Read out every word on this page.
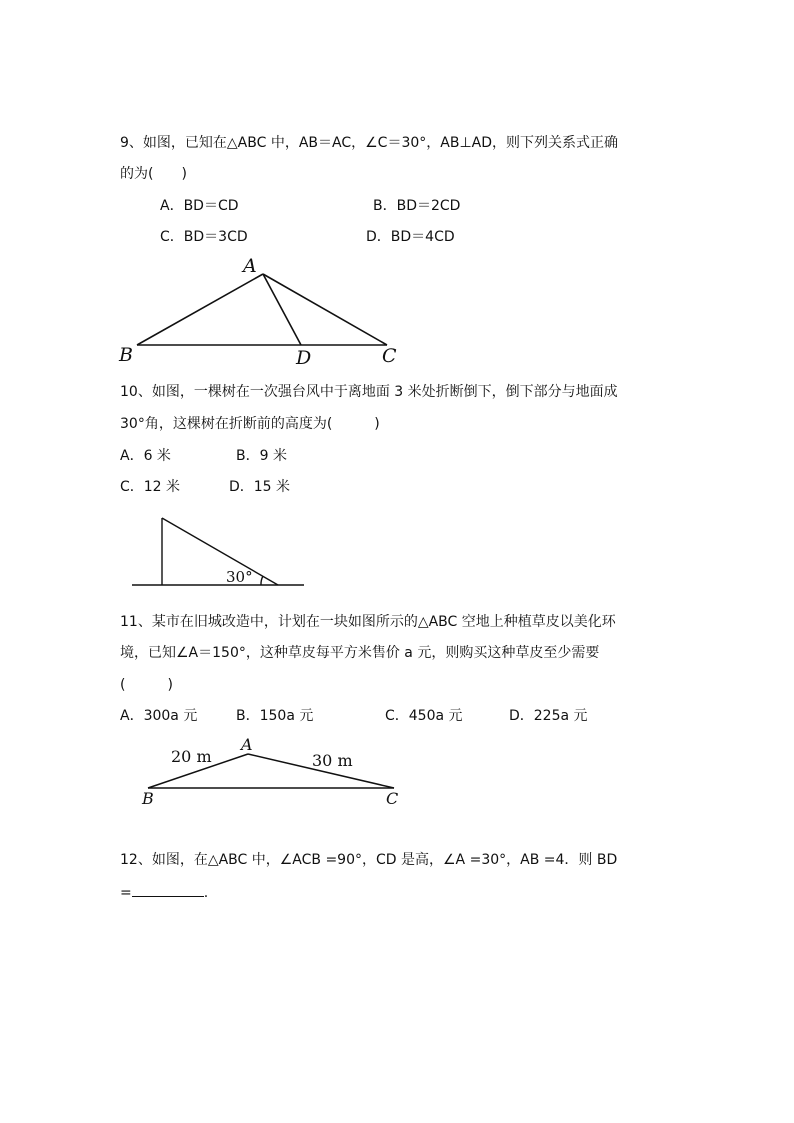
9、如图，已知在△ABC 中，AB＝AC，∠C＝30°，AB⊥AD，则下列关系式正确
的为(　　)
A．BD＝CD	B．BD＝2CD
C．BD＝3CD	D．BD＝4CD
A
B	D	C
10、如图，一棵树在一次强台风中于离地面 3 米处折断倒下，倒下部分与地面成
30°角，这棵树在折断前的高度为(　　　)
A．6 米	B．9 米
C．12 米	D．15 米
30°
11、某市在旧城改造中，计划在一块如图所示的△ABC 空地上种植草皮以美化环
境，已知∠A＝150°，这种草皮每平方米售价 a 元，则购买这种草皮至少需要
(　　　)
A．300a 元	B．150a 元	C．450a 元	D．225a 元
A
B	C
20 m	30 m
12、如图，在△ABC 中，∠ACB =90°，CD 是高，∠A =30°，AB =4．则 BD
=	.
